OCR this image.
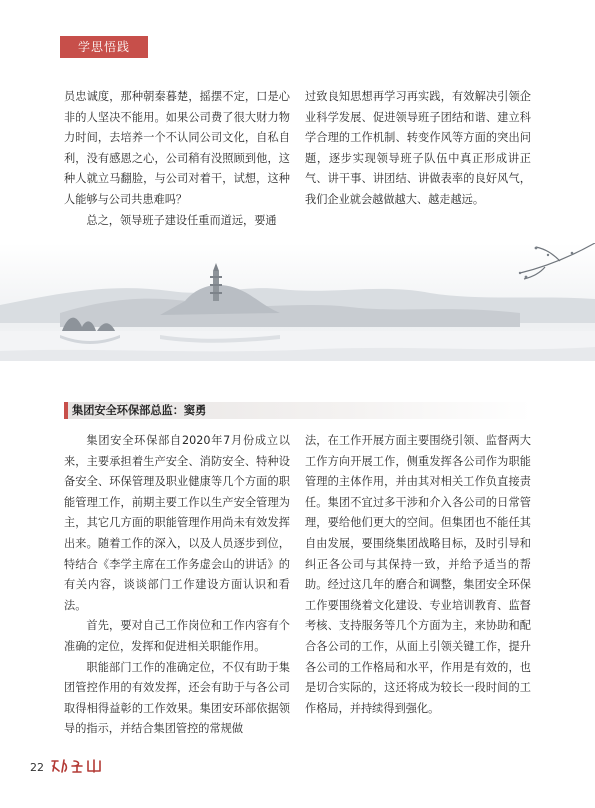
学思悟践

员忠诚度，那种朝秦暮楚，摇摆不定，口是心非的人坚决不能用。如果公司费了很大财力物力时间，去培养一个不认同公司文化，自私自利，没有感恩之心，公司稍有没照顾到他，这种人就立马翻脸，与公司对着干，试想，这种人能够与公司共患难吗？

总之，领导班子建设任重而道远，要通

过致良知思想再学习再实践，有效解决引领企业科学发展、促进领导班子团结和谐、建立科学合理的工作机制、转变作风等方面的突出问题，逐步实现领导班子队伍中真正形成讲正气、讲干事、讲团结、讲做表率的良好风气，我们企业就会越做越大、越走越远。

集团安全环保部总监：窦勇

集团安全环保部自2020年7月份成立以来，主要承担着生产安全、消防安全、特种设备安全、环保管理及职业健康等几个方面的职能管理工作，前期主要工作以生产安全管理为主，其它几方面的职能管理作用尚未有效发挥出来。随着工作的深入，以及人员逐步到位，特结合《李学主席在工作务虚会山的讲话》的有关内容，谈谈部门工作建设方面认识和看法。

首先，要对自己工作岗位和工作内容有个准确的定位，发挥和促进相关职能作用。

职能部门工作的准确定位，不仅有助于集团管控作用的有效发挥，还会有助于与各公司取得相得益彰的工作效果。集团安环部依据领导的指示，并结合集团管控的常规做

法，在工作开展方面主要围绕引领、监督两大工作方向开展工作，侧重发挥各公司作为职能管理的主体作用，并由其对相关工作负直接责任。集团不宜过多干涉和介入各公司的日常管理，要给他们更大的空间。但集团也不能任其自由发展，要围绕集团战略目标，及时引导和纠正各公司与其保持一致，并给予适当的帮助。经过这几年的磨合和调整，集团安全环保工作要围绕着文化建设、专业培训教育、监督考核、支持服务等几个方面为主，来协助和配合各公司的工作，从面上引领关键工作，提升各公司的工作格局和水平，作用是有效的，也是切合实际的，这还将成为较长一段时间的工作格局，并持续得到强化。

22
